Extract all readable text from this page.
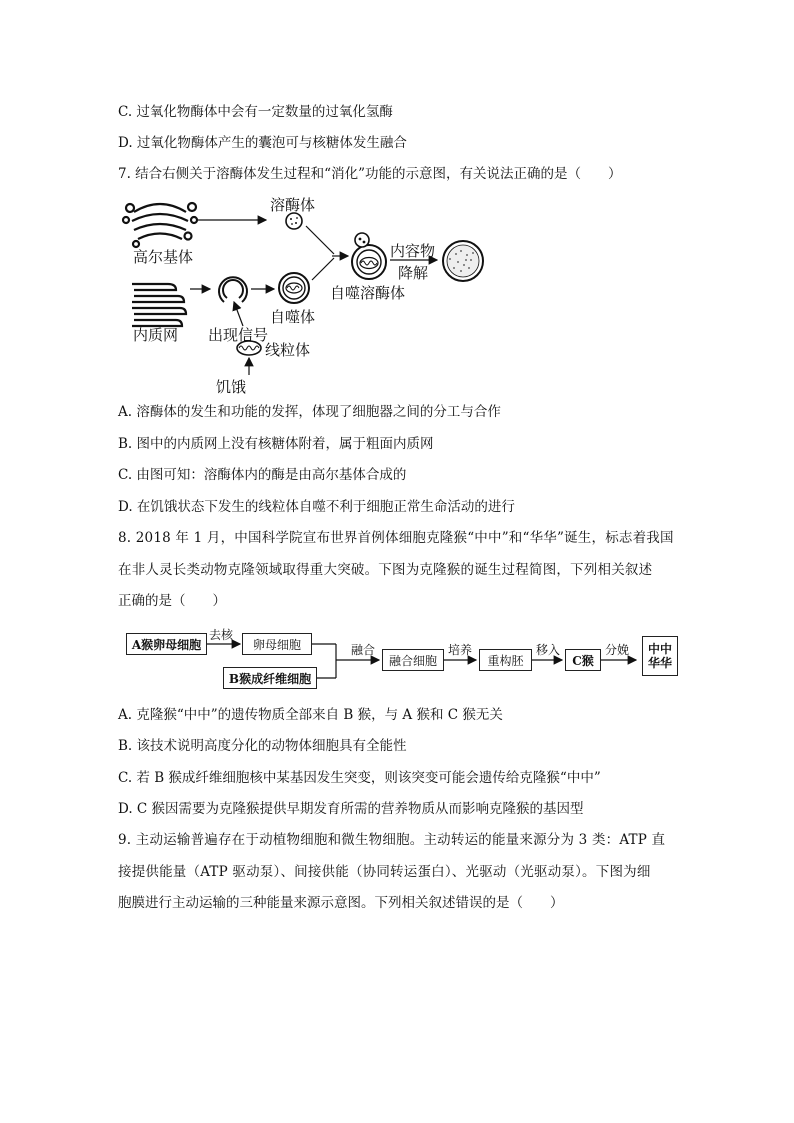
C. 过氧化物酶体中会有一定数量的过氧化氢酶
D. 过氧化物酶体产生的囊泡可与核糖体发生融合
7. 结合右侧关于溶酶体发生过程和“消化”功能的示意图，有关说法正确的是（　　）
高尔基体
溶酶体
内质网 出现信号
自噬体
自噬溶酶体
内容物
降解
线粒体
饥饿
A. 溶酶体的发生和功能的发挥，体现了细胞器之间的分工与合作
B. 图中的内质网上没有核糖体附着，属于粗面内质网
C. 由图可知：溶酶体内的酶是由高尔基体合成的
D. 在饥饿状态下发生的线粒体自噬不利于细胞正常生命活动的进行
8. 2018 年 1 月，中国科学院宣布世界首例体细胞克隆猴“中中”和“华华”诞生，标志着我国
在非人灵长类动物克隆领域取得重大突破。下图为克隆猴的诞生过程简图，下列相关叙述
正确的是（　　）
A猴卵母细胞
去核
卵母细胞
B猴成纤维细胞
融合
融合细胞
培养
重构胚
移入
C猴
分娩 中中
华华
A. 克隆猴“中中”的遗传物质全部来自 B 猴，与 A 猴和 C 猴无关
B. 该技术说明高度分化的动物体细胞具有全能性
C. 若 B 猴成纤维细胞核中某基因发生突变，则该突变可能会遗传给克隆猴“中中”
D. C 猴因需要为克隆猴提供早期发育所需的营养物质从而影响克隆猴的基因型
9. 主动运输普遍存在于动植物细胞和微生物细胞。主动转运的能量来源分为 3 类：ATP 直
接提供能量（ATP 驱动泵）、间接供能（协同转运蛋白）、光驱动（光驱动泵）。下图为细
胞膜进行主动运输的三种能量来源示意图。下列相关叙述错误的是（　　）
